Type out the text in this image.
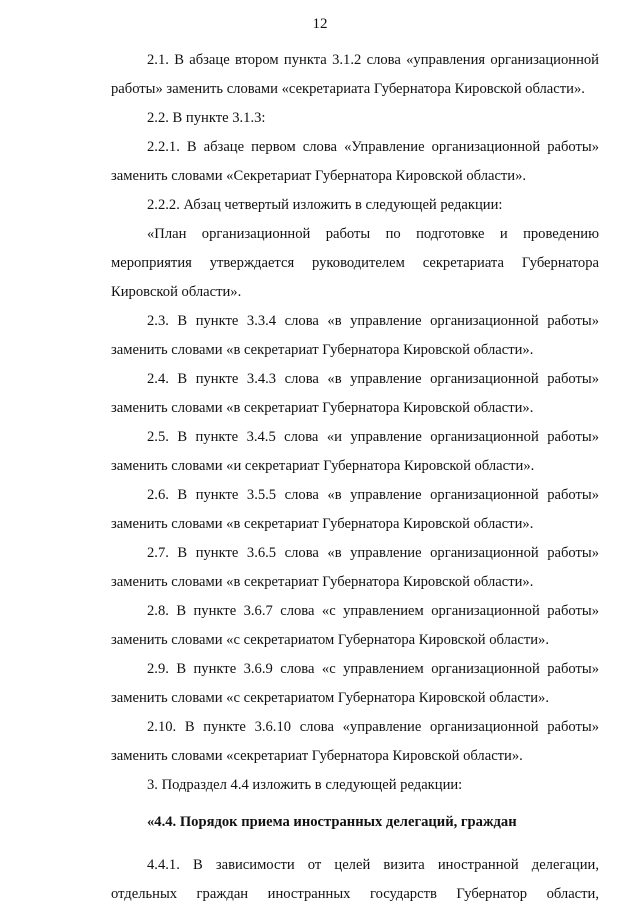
12

2.1. В абзаце втором пункта 3.1.2 слова «управления организационной работы» заменить словами «секретариата Губернатора Кировской области».

2.2. В пункте 3.1.3:

2.2.1. В абзаце первом слова «Управление организационной работы» заменить словами «Секретариат Губернатора Кировской области».

2.2.2. Абзац четвертый изложить в следующей редакции:

«План организационной работы по подготовке и проведению мероприятия утверждается руководителем секретариата Губернатора Кировской области».

2.3. В пункте 3.3.4 слова «в управление организационной работы» заменить словами «в секретариат Губернатора Кировской области».

2.4. В пункте 3.4.3 слова «в управление организационной работы» заменить словами «в секретариат Губернатора Кировской области».

2.5. В пункте 3.4.5 слова «и управление организационной работы» заменить словами «и секретариат Губернатора Кировской области».

2.6. В пункте 3.5.5 слова «в управление организационной работы» заменить словами «в секретариат Губернатора Кировской области».

2.7. В пункте 3.6.5 слова «в управление организационной работы» заменить словами «в секретариат Губернатора Кировской области».

2.8. В пункте 3.6.7 слова «с управлением организационной работы» заменить словами «с секретариатом Губернатора Кировской области».

2.9. В пункте 3.6.9 слова «с управлением организационной работы» заменить словами «с секретариатом Губернатора Кировской области».

2.10. В пункте 3.6.10 слова «управление организационной работы» заменить словами «секретариат Губернатора Кировской области».

3. Подраздел 4.4 изложить в следующей редакции:

«4.4. Порядок приема иностранных делегаций, граждан

4.4.1. В зависимости от целей визита иностранной делегации, отдельных граждан иностранных государств Губернатор области,
